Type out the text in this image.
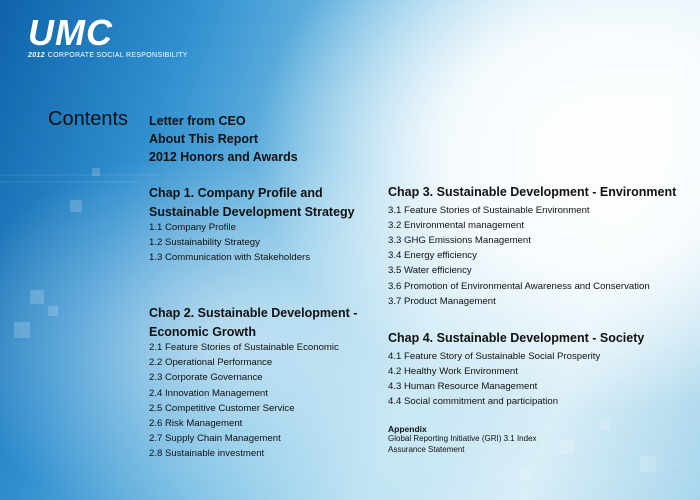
UMC
2012 CORPORATE SOCIAL RESPONSIBILITY
Contents Letter from CEO
About This Report
2012 Honors and Awards
Chap 1. Company Profile and
Sustainable Development Strategy
1.1 Company Profile
1.2 Sustainability Strategy
1.3 Communication with Stakeholders
Chap 2. Sustainable Development -
Economic Growth
2.1 Feature Stories of Sustainable Economic
2.2 Operational Performance
2.3 Corporate Governance
2.4 Innovation Management
2.5 Competitive Customer Service
2.6 Risk Management
2.7 Supply Chain Management
2.8 Sustainable investment
Chap 3. Sustainable Development - Environment
3.1 Feature Stories of Sustainable Environment
3.2 Environmental management
3.3 GHG Emissions Management
3.4 Energy efficiency
3.5 Water efficiency
3.6 Promotion of Environmental Awareness and Conservation
3.7 Product Management
Chap 4. Sustainable Development - Society
4.1 Feature Story of Sustainable Social Prosperity
4.2 Healthy Work Environment
4.3 Human Resource Management
4.4 Social commitment and participation
Appendix
Global Reporting Initiative (GRI) 3.1 Index
Assurance Statement
